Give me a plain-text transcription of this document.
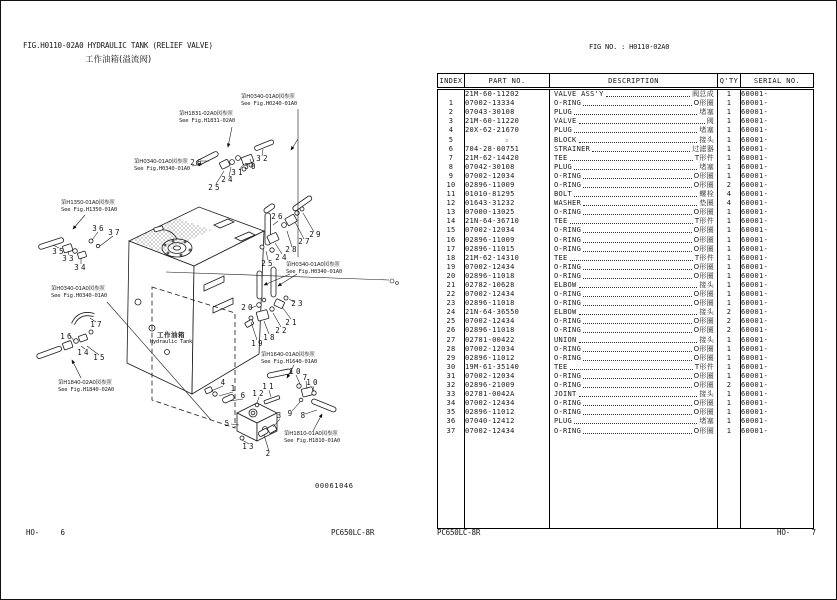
FIG.H0110-02A0 HYDRAULIC TANK (RELIEF VALVE)
工作油箱(溢流阀)
工作油箱
Hydraulic Tank
26
25
24
31
30
32
26
29
27
28
24
25
36 37
35
33
34
17
16
14
15
20	23
21
22
18
19
10
7
10
11
12
4
1
6
3 9 8
5
13
2
第H0340-01A0図参照
See Fig.H0240-01A0
第H1831-02A0図参照
See Fig.H1831-02A0
第H0340-01A0図参照
See Fig.H0340-01A0
第H1350-01A0図参照
See Fig.H1350-01A0
第H0340-01A0図参照
See Fig.H0340-01A0
第H1840-02A0図参照
See Fig.H1840-02A0
第H0340-01A0図参照
See Fig.H0340-01A0
第H1640-01A0図参照
See Fig.H1640-01A0
第H1810-01A0図参照
See Fig.H1810-01A0
00061046
HO-     6	PC650LC-8R
FIG NO. : H0110-02A0
INDEX	PART NO.	DESCRIPTION	Q'TY	SERIAL NO.
	21M-60-11202	VALVE ASS'Y 阀总成	1	60001-
1	07002-13334	O-RING O形圈	1	60001-
2	07043-30108	PLUG 堵塞	1	60001-
3	21M-60-11220	VALVE 阀	1	60001-
4	20X-62-21670	PLUG 堵塞	1	60001-
5	☆	BLOCK 接头	1	60001-
6	704-28-00751	STRAINER 过滤器	1	60001-
7	21M-62-14420	TEE T形件	1	60001-
8	07042-30108	PLUG 堵塞	1	60001-
9	07002-12034	O-RING O形圈	1	60001-
10	02896-11009	O-RING O形圈	2	60001-
11	01010-81295	BOLT 螺栓	4	60001-
12	01643-31232	WASHER 垫圈	4	60001-
13	07000-13025	O-RING O形圈	1	60001-
14	21N-64-36710	TEE T形件	1	60001-
15	07002-12034	O-RING O形圈	1	60001-
16	02896-11009	O-RING O形圈	1	60001-
17	02896-11015	O-RING O形圈	1	60001-
18	21M-62-14310	TEE T形件	1	60001-
19	07002-12434	O-RING O形圈	1	60001-
20	02896-11018	O-RING O形圈	1	60001-
21	02782-10628	ELBOW 接头	1	60001-
22	07002-12434	O-RING O形圈	1	60001-
23	02896-11018	O-RING O形圈	1	60001-
24	21N-64-36550	ELBOW 接头	2	60001-
25	07002-12434	O-RING O形圈	2	60001-
26	02896-11018	O-RING O形圈	2	60001-
27	02781-00422	UNION 接头	1	60001-
28	07002-12034	O-RING O形圈	1	60001-
29	02896-11012	O-RING O形圈	1	60001-
30	19M-61-35140	TEE T形件	1	60001-
31	07002-12034	O-RING O形圈	1	60001-
32	02896-21009	O-RING O形圈	2	60001-
33	02781-0042A	JOINT 接头	1	60001-
34	07002-12434	O-RING O形圈	1	60001-
35	02896-11012	O-RING O形圈	1	60001-
36	07040-12412	PLUG 堵塞	1	60001-
37	07002-12434	O-RING O形圈	1	60001-

PC650LC-8R	HO-     7
